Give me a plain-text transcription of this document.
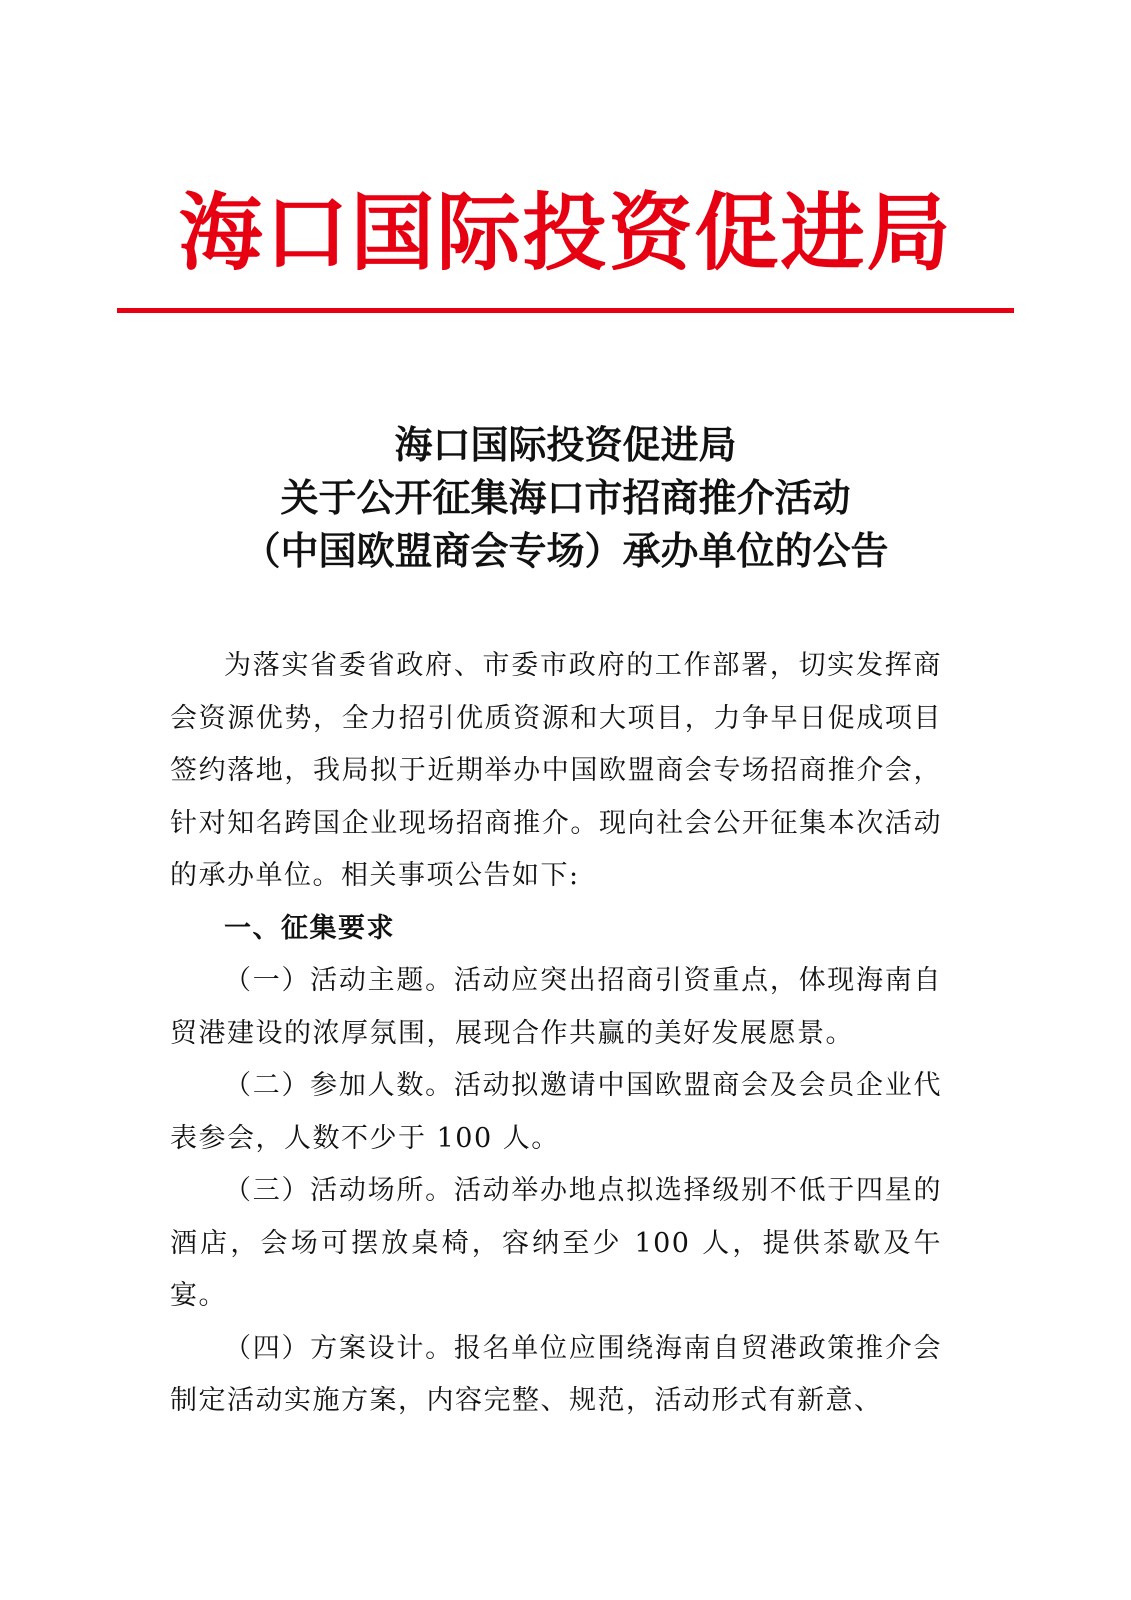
海口国际投资促进局
海口国际投资促进局
关于公开征集海口市招商推介活动
（中国欧盟商会专场）承办单位的公告

为落实省委省政府、市委市政府的工作部署，切实发挥商会资源优势，全力招引优质资源和大项目，力争早日促成项目签约落地，我局拟于近期举办中国欧盟商会专场招商推介会，针对知名跨国企业现场招商推介。现向社会公开征集本次活动的承办单位。相关事项公告如下:

一、征集要求

（一）活动主题。活动应突出招商引资重点，体现海南自贸港建设的浓厚氛围，展现合作共赢的美好发展愿景。

（二）参加人数。活动拟邀请中国欧盟商会及会员企业代表参会，人数不少于 100 人。

（三）活动场所。活动举办地点拟选择级别不低于四星的酒店，会场可摆放桌椅，容纳至少 100 人，提供茶歇及午宴。

（四）方案设计。报名单位应围绕海南自贸港政策推介会制定活动实施方案，内容完整、规范，活动形式有新意、
